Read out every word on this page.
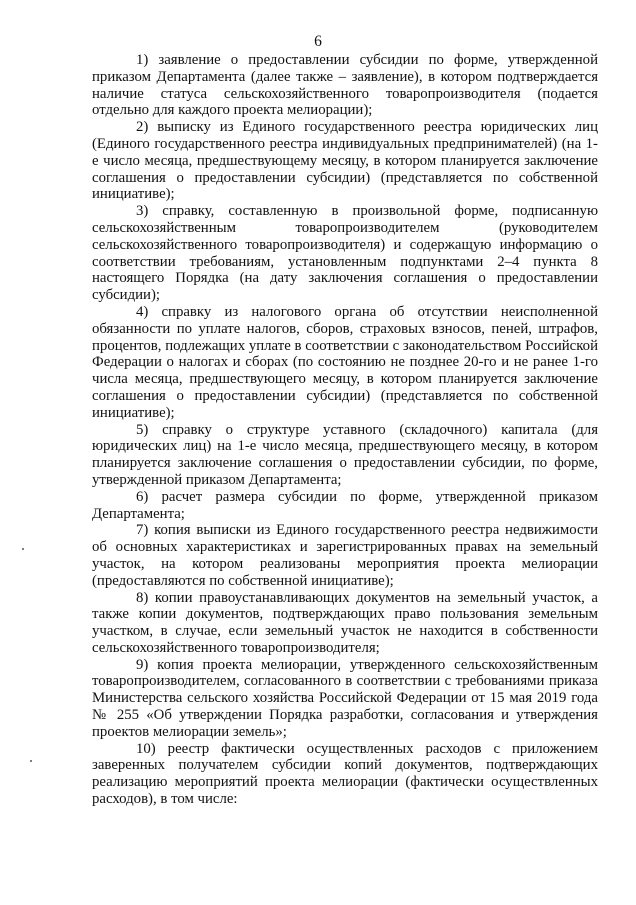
6

1) заявление о предоставлении субсидии по форме, утвержденной приказом Департамента (далее также – заявление), в котором подтверждается наличие статуса сельскохозяйственного товаропроизводителя (подается отдельно для каждого проекта мелиорации);

2) выписку из Единого государственного реестра юридических лиц (Единого государственного реестра индивидуальных предпринимателей) (на 1-е число месяца, предшествующему месяцу, в котором планируется заключение соглашения о предоставлении субсидии) (представляется по собственной инициативе);

3) справку, составленную в произвольной форме, подписанную сельскохозяйственным товаропроизводителем (руководителем сельскохозяйственного товаропроизводителя) и содержащую информацию о соответствии требованиям, установленным подпунктами 2–4 пункта 8 настоящего Порядка (на дату заключения соглашения о предоставлении субсидии);

4) справку из налогового органа об отсутствии неисполненной обязанности по уплате налогов, сборов, страховых взносов, пеней, штрафов, процентов, подлежащих уплате в соответствии с законодательством Российской Федерации о налогах и сборах (по состоянию не позднее 20-го и не ранее 1-го числа месяца, предшествующего месяцу, в котором планируется заключение соглашения о предоставлении субсидии) (представляется по собственной инициативе);

5) справку о структуре уставного (складочного) капитала (для юридических лиц) на 1-е число месяца, предшествующего месяцу, в котором планируется заключение соглашения о предоставлении субсидии, по форме, утвержденной приказом Департамента;

6) расчет размера субсидии по форме, утвержденной приказом Департамента;

7) копия выписки из Единого государственного реестра недвижимости об основных характеристиках и зарегистрированных правах на земельный участок, на котором реализованы мероприятия проекта мелиорации (предоставляются по собственной инициативе);

8) копии правоустанавливающих документов на земельный участок, а также копии документов, подтверждающих право пользования земельным участком, в случае, если земельный участок не находится в собственности сельскохозяйственного товаропроизводителя;

9) копия проекта мелиорации, утвержденного сельскохозяйственным товаропроизводителем, согласованного в соответствии с требованиями приказа Министерства сельского хозяйства Российской Федерации от 15 мая 2019 года № 255 «Об утверждении Порядка разработки, согласования и утверждения проектов мелиорации земель»;

10) реестр фактически осуществленных расходов с приложением заверенных получателем субсидии копий документов, подтверждающих реализацию мероприятий проекта мелиорации (фактически осуществленных расходов), в том числе:
